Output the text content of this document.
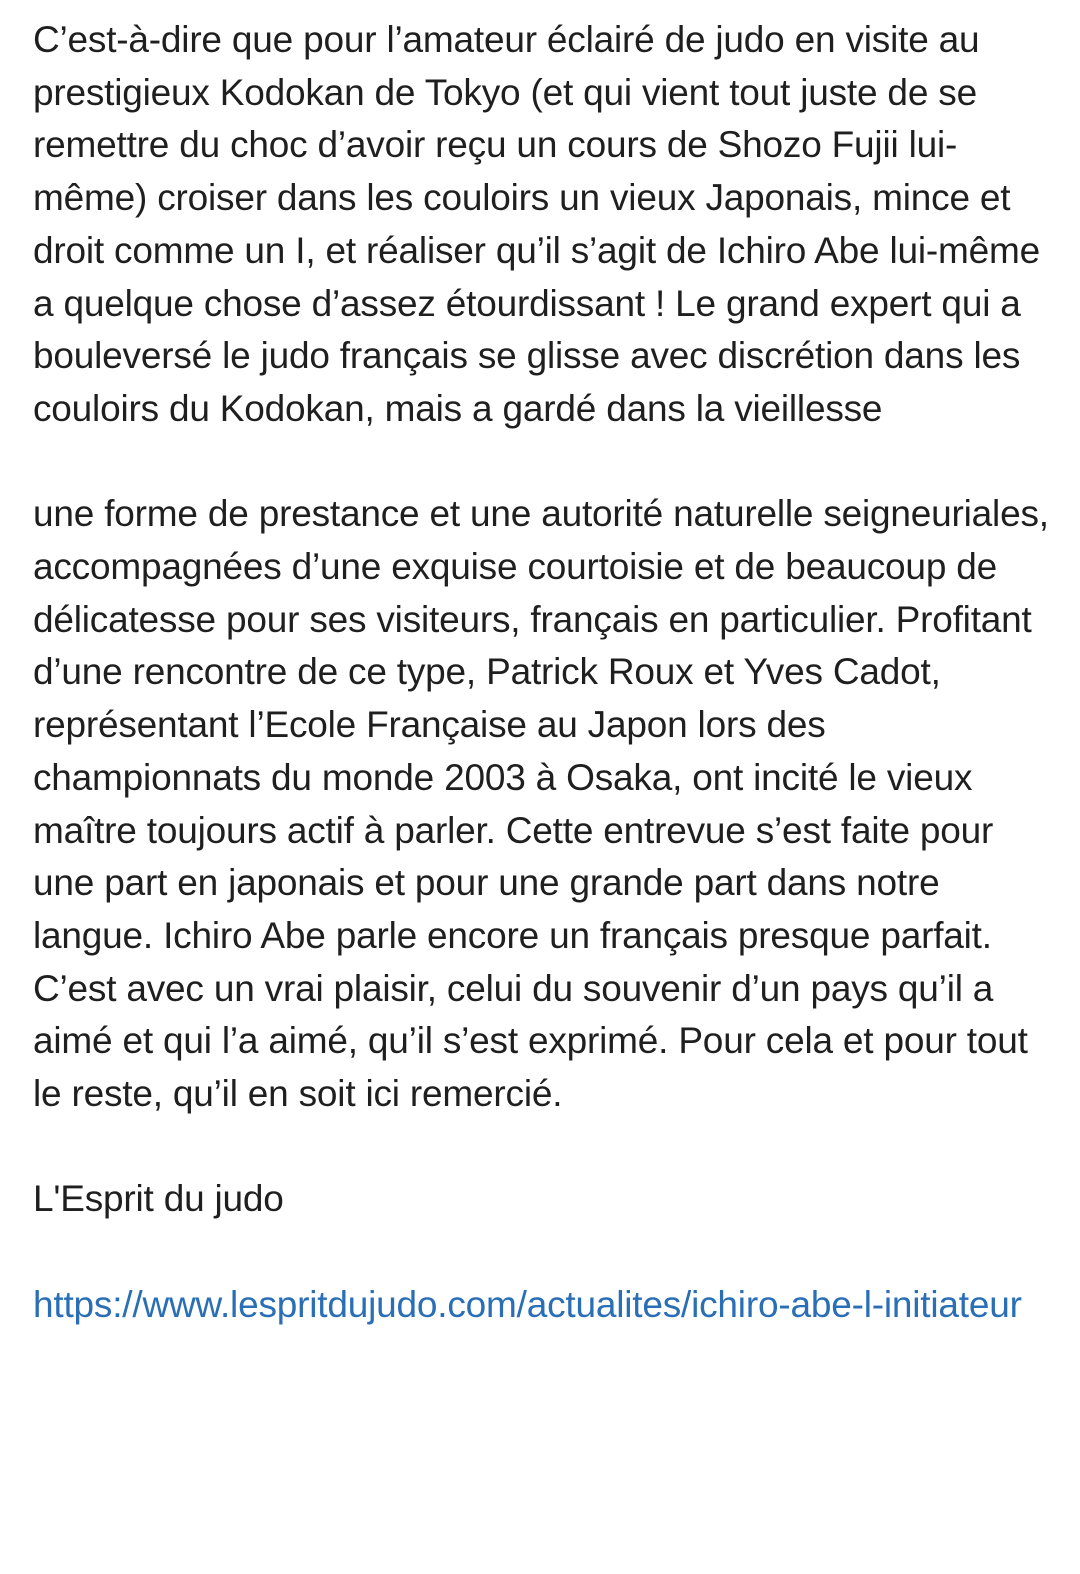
C’est-à-dire que pour l’amateur éclairé de judo en visite au prestigieux Kodokan de Tokyo (et qui vient tout juste de se remettre du choc d’avoir reçu un cours de Shozo Fujii lui-même) croiser dans les couloirs un vieux Japonais, mince et droit comme un I, et réaliser qu’il s’agit de Ichiro Abe lui-même a quelque chose d’assez étourdissant ! Le grand expert qui a bouleversé le judo français se glisse avec discrétion dans les couloirs du Kodokan, mais a gardé dans la vieillesse

une forme de prestance et une autorité naturelle seigneuriales, accompagnées d’une exquise courtoisie et de beaucoup de délicatesse pour ses visiteurs, français en particulier. Profitant d’une rencontre de ce type, Patrick Roux et Yves Cadot, représentant l’Ecole Française au Japon lors des championnats du monde 2003 à Osaka, ont incité le vieux maître toujours actif à parler. Cette entrevue s’est faite pour une part en japonais et pour une grande part dans notre langue. Ichiro Abe parle encore un français presque parfait. C’est avec un vrai plaisir, celui du souvenir d’un pays qu’il a aimé et qui l’a aimé, qu’il s’est exprimé. Pour cela et pour tout le reste, qu’il en soit ici remercié.

L'Esprit du judo

https://www.lespritdujudo.com/actualites/ichiro-abe-l-initiateur
